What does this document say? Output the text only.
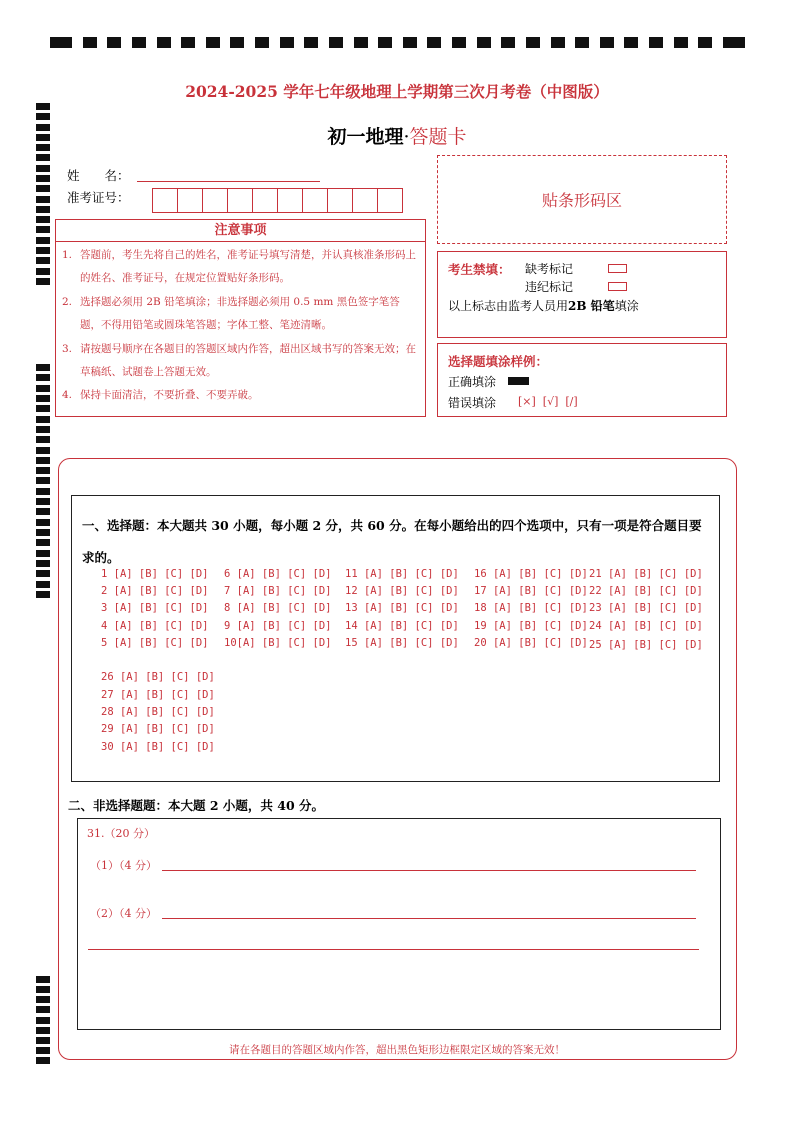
2024-2025 学年七年级地理上学期第三次月考卷（中图版）
初一地理·答题卡
姓　　名：
准考证号：	贴条形码区
注意事项
1. 答题前，考生先将自己的姓名，准考证号填写清楚，并认真核准条形码上的姓名、准考证号，在规定位置贴好条形码。
2. 选择题必须用 2B 铅笔填涂；非选择题必须用 0.5 mm 黑色签字笔答题，不得用铅笔或圆珠笔答题；字体工整、笔迹清晰。
3. 请按题号顺序在各题目的答题区域内作答，超出区域书写的答案无效；在草稿纸、试题卷上答题无效。
4. 保持卡面清洁，不要折叠、不要弄破。
考生禁填： 缺考标记
违纪标记
以上标志由监考人员用2B 铅笔填涂
选择题填涂样例：
正确填涂
错误填涂 [×]  [√]  [/]
一、选择题：本大题共 30 小题，每小题 2 分，共 60 分。在每小题给出的四个选项中，只有一项是符合题目要求的。
1 [A] [B] [C] [D]
2 [A] [B] [C] [D]
3 [A] [B] [C] [D]
4 [A] [B] [C] [D]
5 [A] [B] [C] [D]
6 [A] [B] [C] [D]
7 [A] [B] [C] [D]
8 [A] [B] [C] [D]
9 [A] [B] [C] [D]
10[A] [B] [C] [D]
11 [A] [B] [C] [D]
12 [A] [B] [C] [D]
13 [A] [B] [C] [D]
14 [A] [B] [C] [D]
15 [A] [B] [C] [D]
16 [A] [B] [C] [D]
17 [A] [B] [C] [D]
18 [A] [B] [C] [D]
19 [A] [B] [C] [D]
20 [A] [B] [C] [D]
21 [A] [B] [C] [D]
22 [A] [B] [C] [D]
23 [A] [B] [C] [D]
24 [A] [B] [C] [D]
25 [A] [B] [C] [D]
26 [A] [B] [C] [D]
27 [A] [B] [C] [D]
28 [A] [B] [C] [D]
29 [A] [B] [C] [D]
30 [A] [B] [C] [D]
二、非选择题题：本大题 2 小题，共 40 分。
31.（20 分）
（1）（4 分）
（2）（4 分）
请在各题目的答题区域内作答，超出黑色矩形边框限定区域的答案无效！
